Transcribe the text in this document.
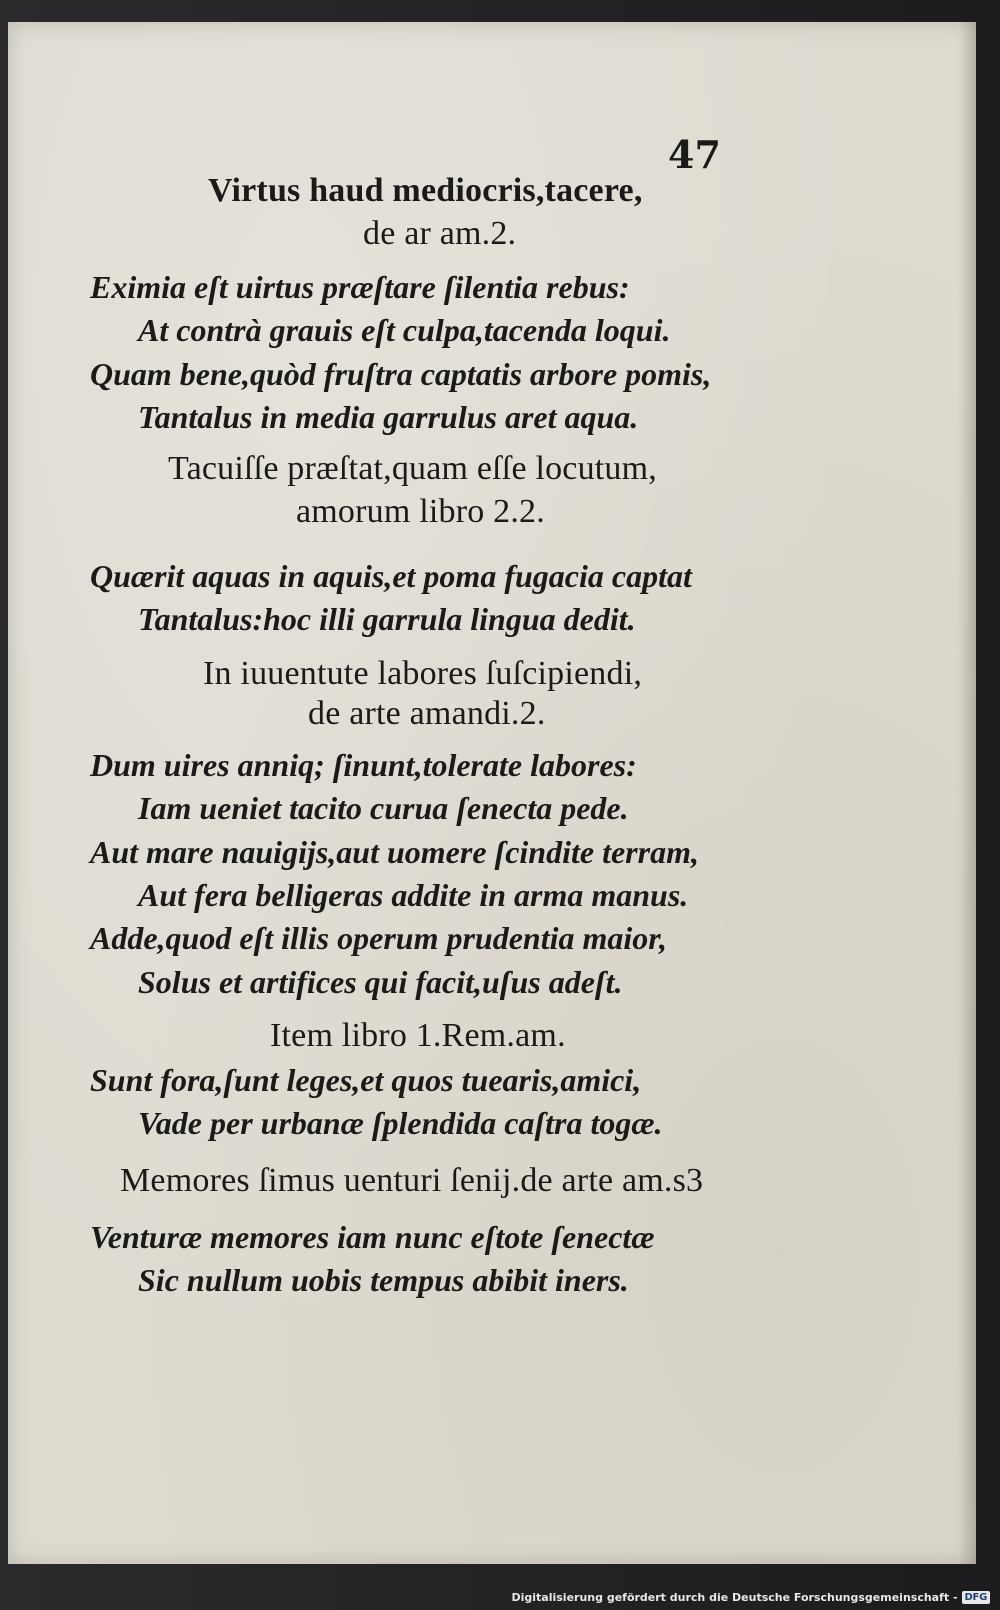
47
Virtus haud mediocris,tacere,
de ar am.2.
Eximia eſt uirtus præſtare ſilentia rebus:
At contrà grauis eſt culpa,tacenda loqui.
Quam bene,quòd fruſtra captatis arbore pomis,
Tantalus in media garrulus aret aqua.
Tacuiſſe præſtat,quam eſſe locutum,
amorum libro 2.2.
Quærit aquas in aquis,et poma fugacia captat
Tantalus:hoc illi garrula lingua dedit.
In iuuentute labores ſuſcipiendi,
de arte amandi.2.
Dum uires anniq; ſinunt,tolerate labores:
Iam ueniet tacito curua ſenecta pede.
Aut mare nauigijs,aut uomere ſcindite terram,
Aut fera belligeras addite in arma manus.
Adde,quod eſt illis operum prudentia maior,
Solus et artifices qui facit,uſus adeſt.
Item libro 1.Rem.am.
Sunt fora,ſunt leges,et quos tuearis,amici,
Vade per urbanæ ſplendida caſtra togæ.
Memores ſimus uenturi ſenij.de arte am.s3
Venturæ memores iam nunc eſtote ſenectæ
Sic nullum uobis tempus abibit iners.
Digitalisierung gefördert durch die Deutsche Forschungsgemeinschaft - DFG
